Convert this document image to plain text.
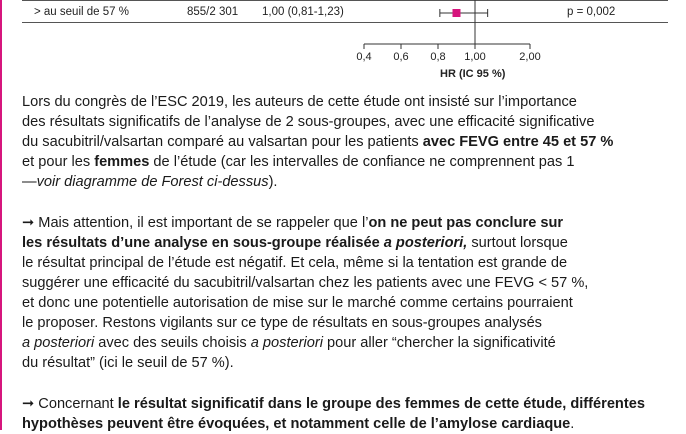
> au seuil de 57 %	855/2 301 1,00 (0,81-1,23)	p = 0,002
0,4 0,6 0,8 1,00	2,00
HR (IC 95 %)
Lors du congrès de l’ESC 2019, les auteurs de cette étude ont insisté sur l’importance
des résultats significatifs de l’analyse de 2 sous-groupes, avec une efficacité significative
du sacubitril/valsartan comparé au valsartan pour les patients avec FEVG entre 45 et 57 %
et pour les femmes de l’étude (car les intervalles de confiance ne comprennent pas 1
—voir diagramme de Forest ci-dessus).
➞ Mais attention, il est important de se rappeler que l’on ne peut pas conclure sur
les résultats d’une analyse en sous-groupe réalisée a posteriori, surtout lorsque
le résultat principal de l’étude est négatif. Et cela, même si la tentation est grande de
suggérer une efficacité du sacubitril/valsartan chez les patients avec une FEVG < 57 %,
et donc une potentielle autorisation de mise sur le marché comme certains pourraient
le proposer. Restons vigilants sur ce type de résultats en sous-groupes analysés
a posteriori avec des seuils choisis a posteriori pour aller “chercher la significativité
du résultat” (ici le seuil de 57 %).
➞ Concernant le résultat significatif dans le groupe des femmes de cette étude, différentes
hypothèses peuvent être évoquées, et notamment celle de l’amylose cardiaque.
